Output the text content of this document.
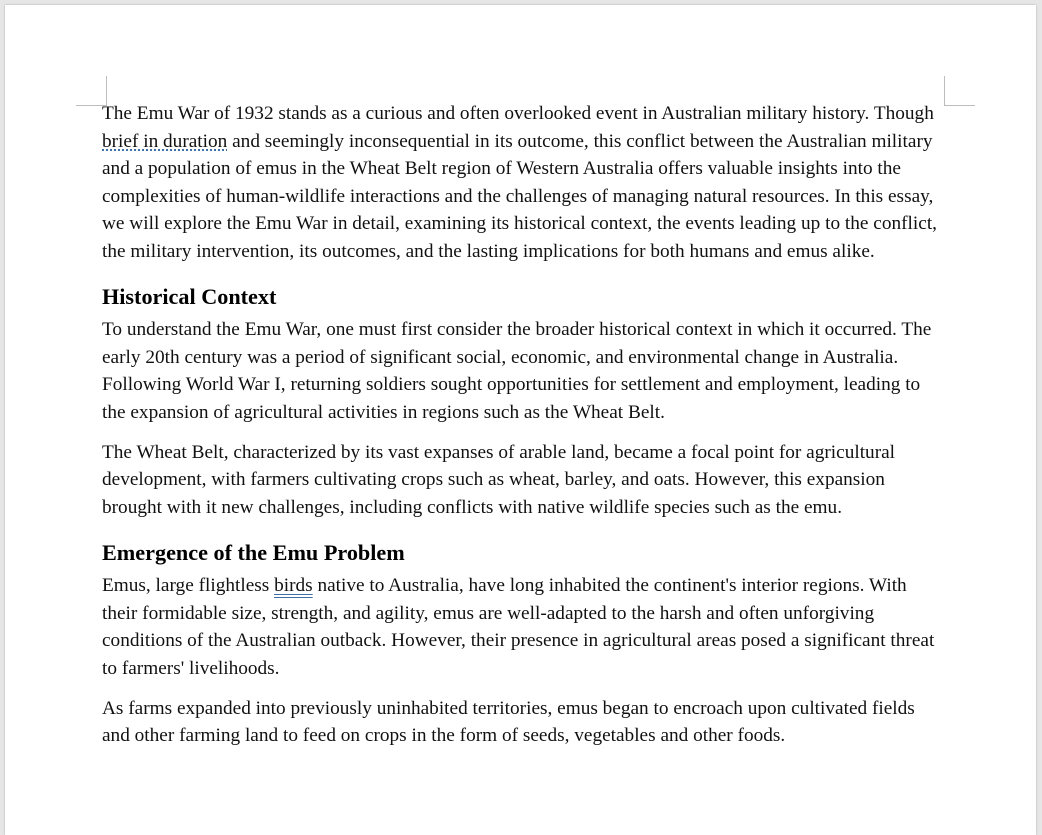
The Emu War of 1932 stands as a curious and often overlooked event in Australian military history. Though brief in duration and seemingly inconsequential in its outcome, this conflict between the Australian military and a population of emus in the Wheat Belt region of Western Australia offers valuable insights into the complexities of human-wildlife interactions and the challenges of managing natural resources. In this essay, we will explore the Emu War in detail, examining its historical context, the events leading up to the conflict, the military intervention, its outcomes, and the lasting implications for both humans and emus alike.

Historical Context

To understand the Emu War, one must first consider the broader historical context in which it occurred. The early 20th century was a period of significant social, economic, and environmental change in Australia. Following World War I, returning soldiers sought opportunities for settlement and employment, leading to the expansion of agricultural activities in regions such as the Wheat Belt.

The Wheat Belt, characterized by its vast expanses of arable land, became a focal point for agricultural development, with farmers cultivating crops such as wheat, barley, and oats. However, this expansion brought with it new challenges, including conflicts with native wildlife species such as the emu.

Emergence of the Emu Problem

Emus, large flightless birds native to Australia, have long inhabited the continent's interior regions. With their formidable size, strength, and agility, emus are well-adapted to the harsh and often unforgiving conditions of the Australian outback. However, their presence in agricultural areas posed a significant threat to farmers' livelihoods.

As farms expanded into previously uninhabited territories, emus began to encroach upon cultivated fields and other farming land to feed on crops in the form of seeds, vegetables and other foods.
